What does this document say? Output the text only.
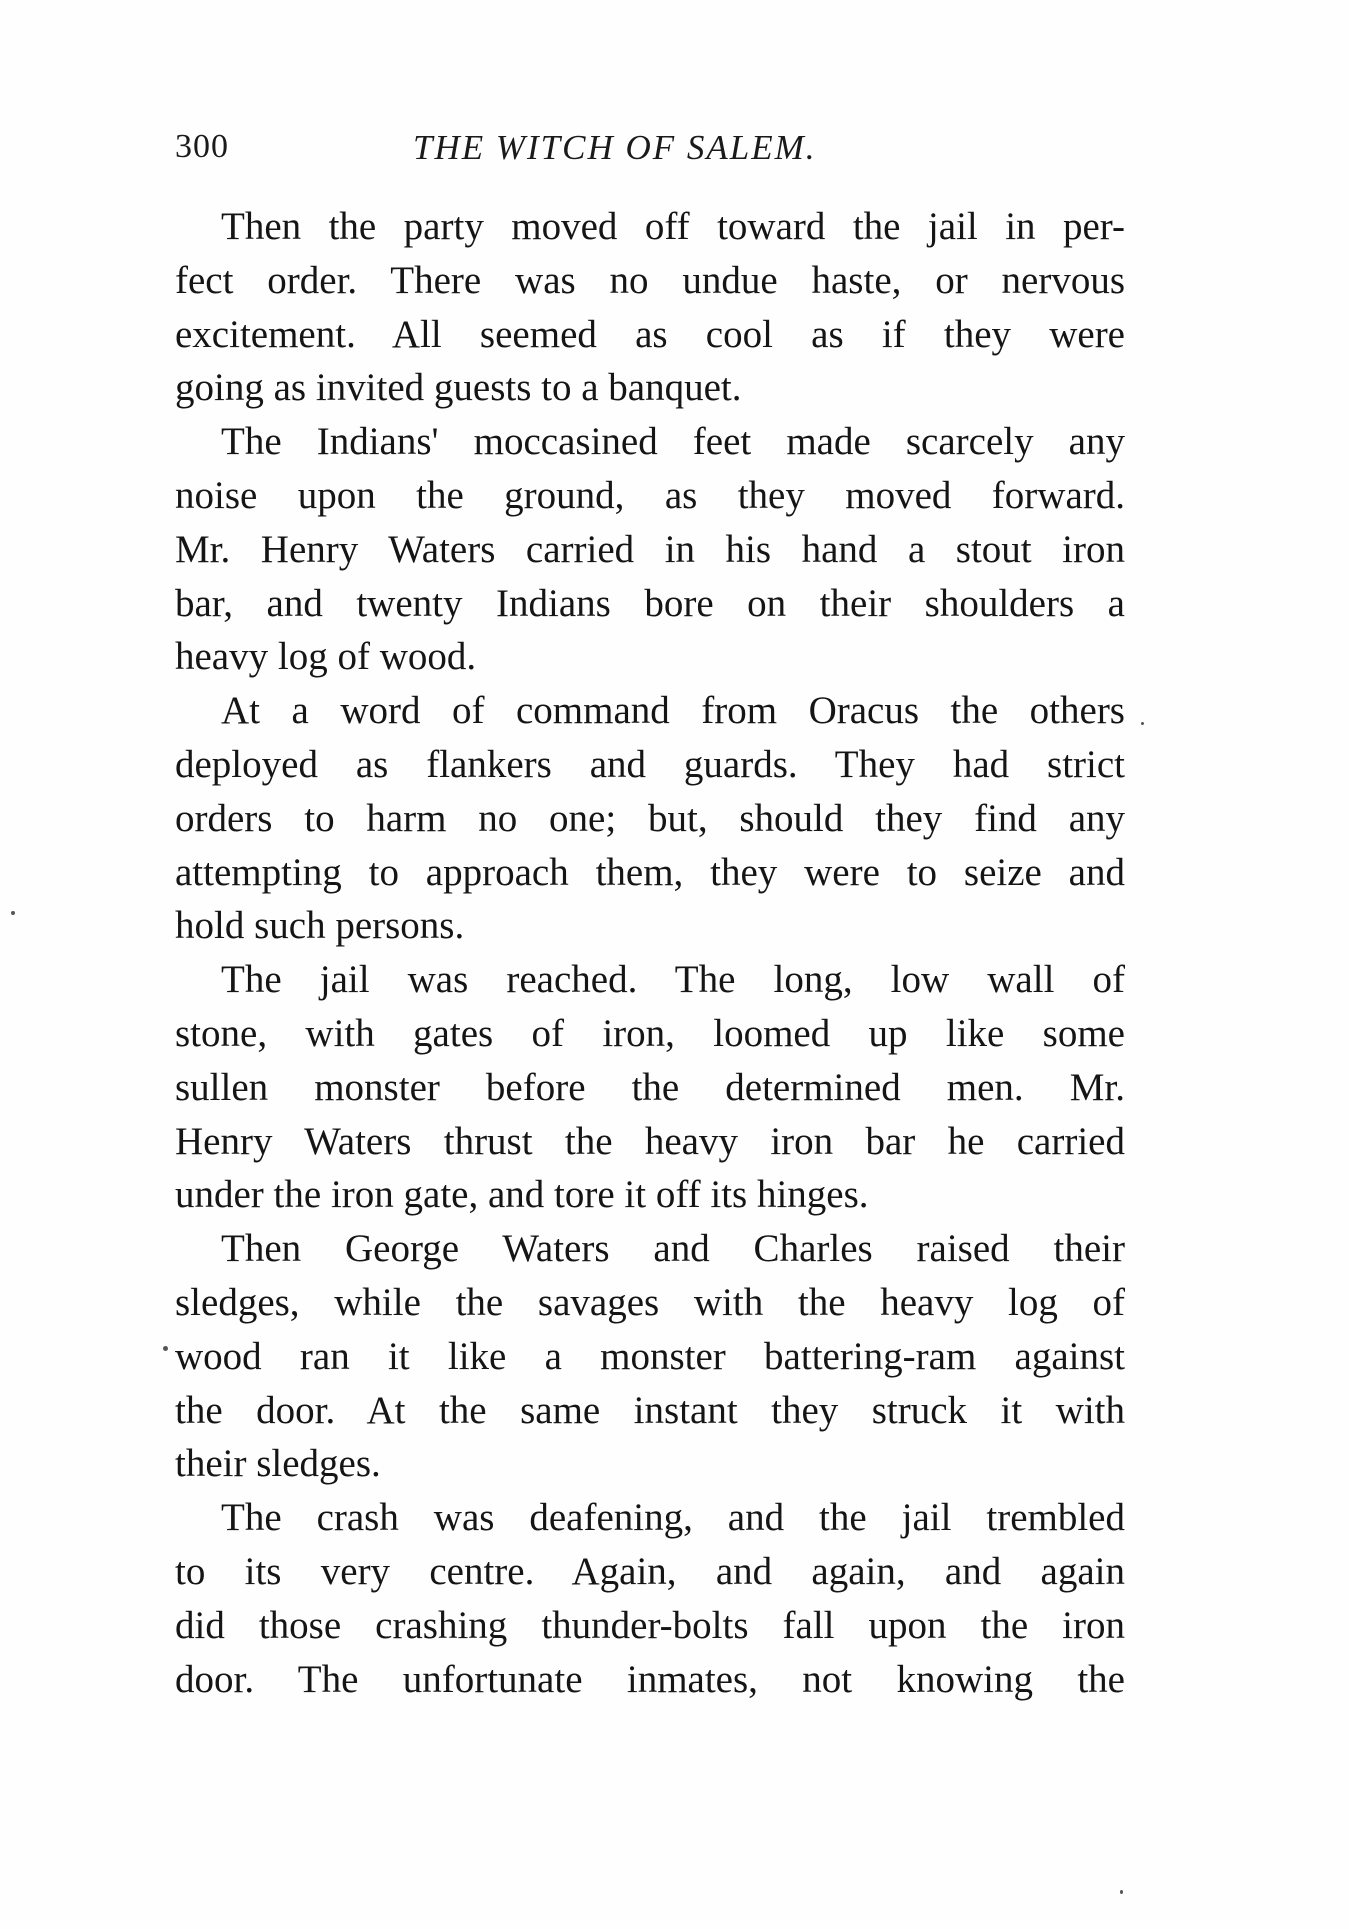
300	THE WITCH OF SALEM.
Then the party moved off toward the jail in per-
fect order. There was no undue haste, or nervous
excitement. All seemed as cool as if they were
going as invited guests to a banquet.
The Indians' moccasined feet made scarcely any
noise upon the ground, as they moved forward.
Mr. Henry Waters carried in his hand a stout iron
bar, and twenty Indians bore on their shoulders a
heavy log of wood.
At a word of command from Oracus the others
deployed as flankers and guards. They had strict
orders to harm no one; but, should they find any
attempting to approach them, they were to seize and
hold such persons.
The jail was reached. The long, low wall of
stone, with gates of iron, loomed up like some
sullen monster before the determined men. Mr.
Henry Waters thrust the heavy iron bar he carried
under the iron gate, and tore it off its hinges.
Then George Waters and Charles raised their
sledges, while the savages with the heavy log of
wood ran it like a monster battering-ram against
the door. At the same instant they struck it with
their sledges.
The crash was deafening, and the jail trembled
to its very centre. Again, and again, and again
did those crashing thunder-bolts fall upon the iron
door. The unfortunate inmates, not knowing the
